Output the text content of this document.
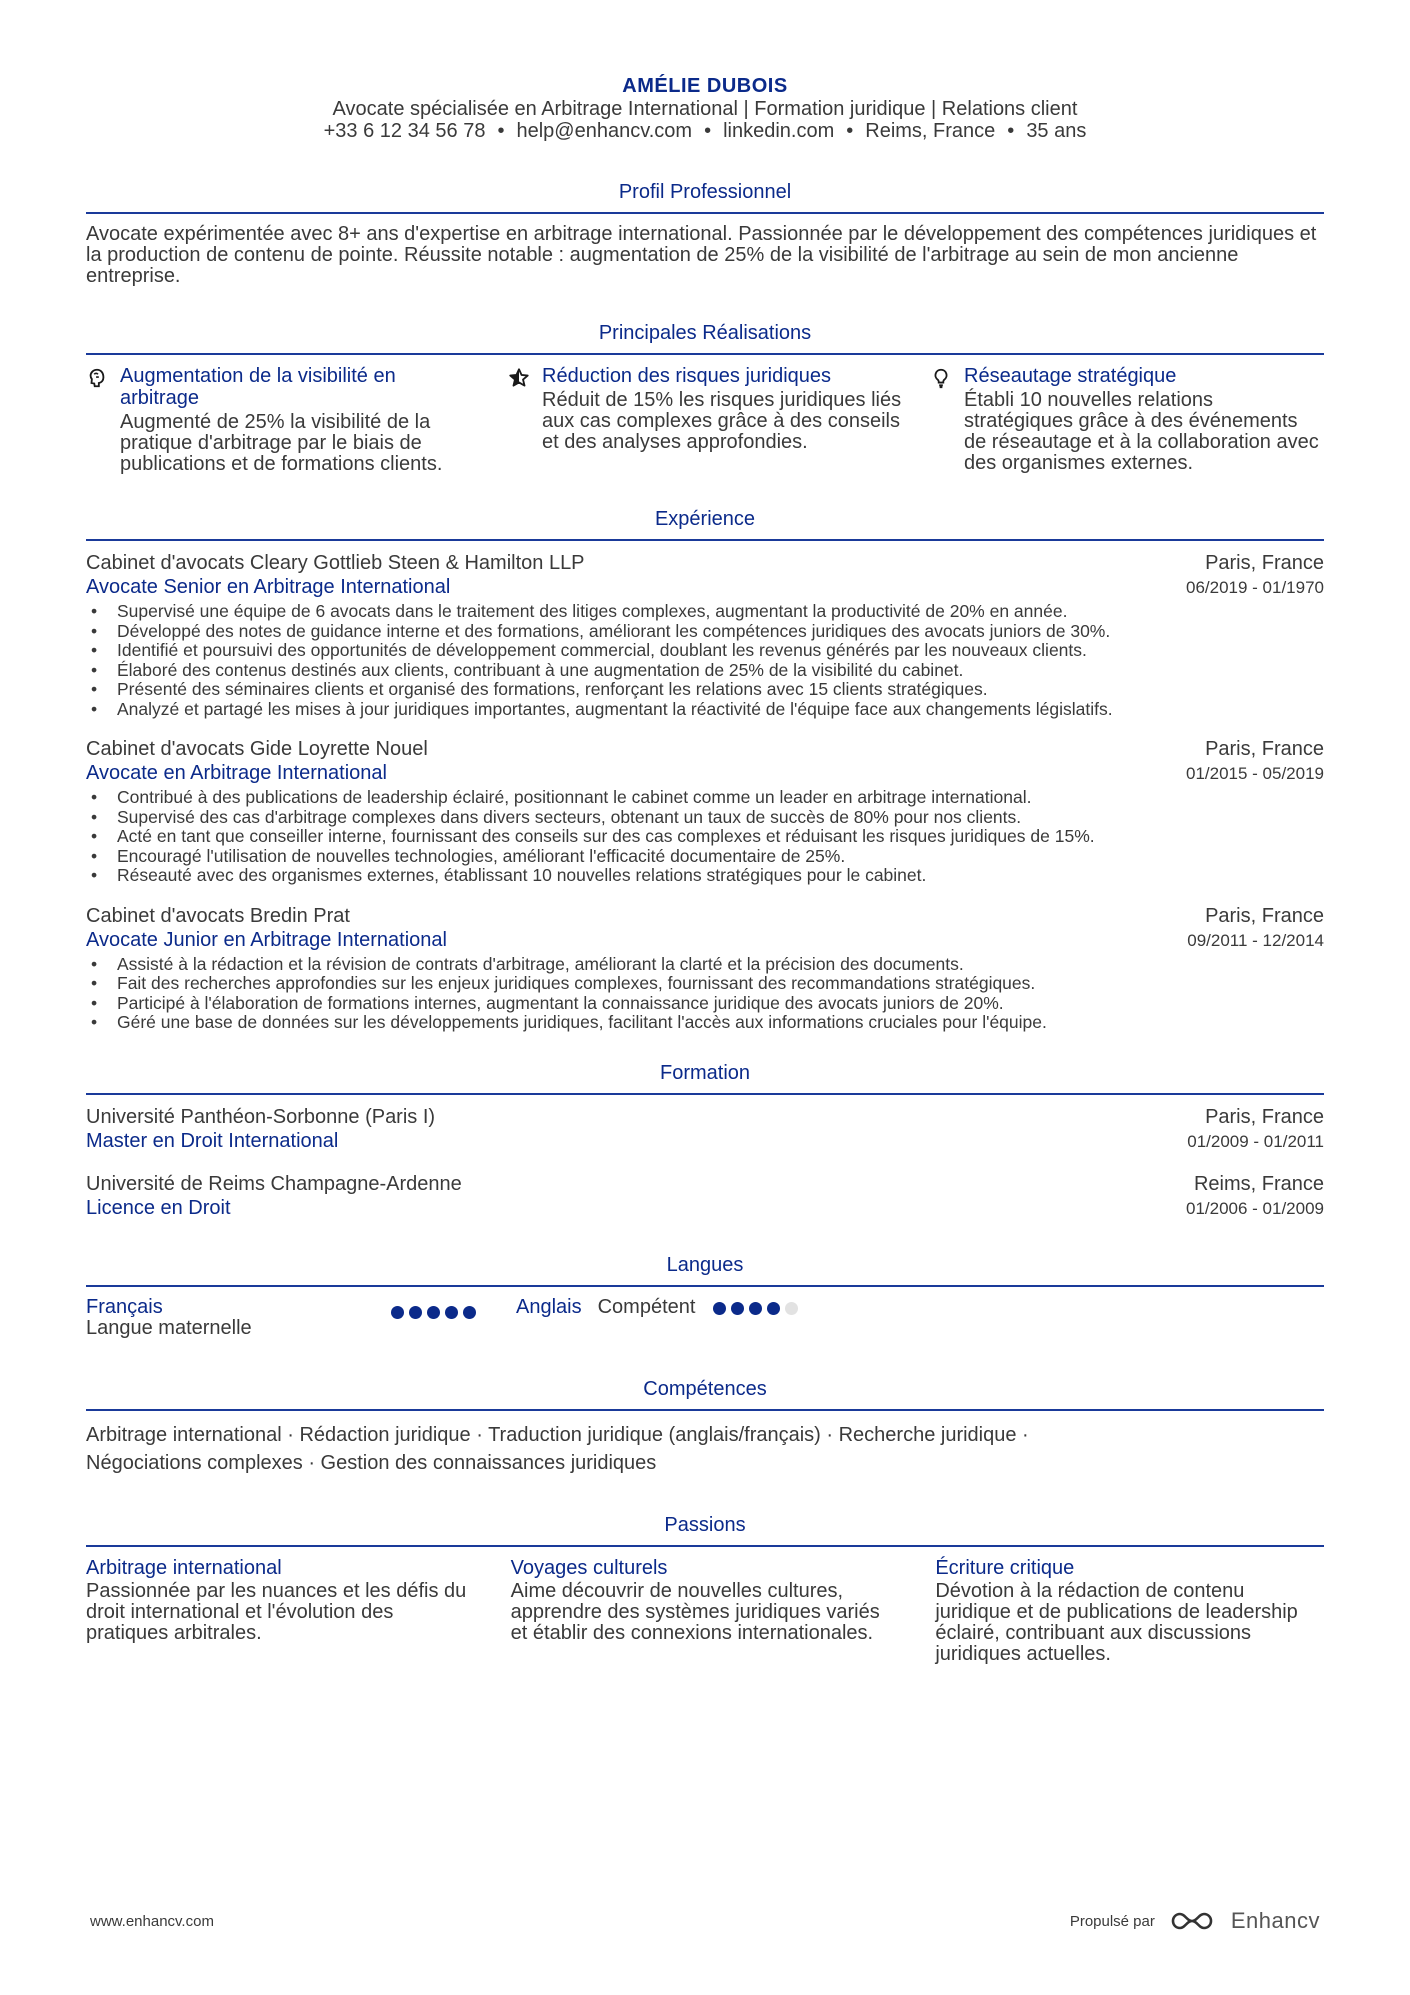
AMÉLIE DUBOIS
Avocate spécialisée en Arbitrage International | Formation juridique | Relations client
+33 6 12 34 56 78 • help@enhancv.com • linkedin.com • Reims, France • 35 ans
Profil Professionnel
Avocate expérimentée avec 8+ ans d'expertise en arbitrage international. Passionnée par le développement des compétences juridiques et la production de contenu de pointe. Réussite notable : augmentation de 25% de la visibilité de l'arbitrage au sein de mon ancienne entreprise.
Principales Réalisations
Augmentation de la visibilité en arbitrage
Augmenté de 25% la visibilité de la pratique d'arbitrage par le biais de publications et de formations clients.
Réduction des risques juridiques
Réduit de 15% les risques juridiques liés aux cas complexes grâce à des conseils et des analyses approfondies.
Réseautage stratégique
Établi 10 nouvelles relations stratégiques grâce à des événements de réseautage et à la collaboration avec des organismes externes.
Expérience
Cabinet d'avocats Cleary Gottlieb Steen & Hamilton LLP	Paris, France
Avocate Senior en Arbitrage International	06/2019 - 01/1970
• Supervisé une équipe de 6 avocats dans le traitement des litiges complexes, augmentant la productivité de 20% en année.
• Développé des notes de guidance interne et des formations, améliorant les compétences juridiques des avocats juniors de 30%.
• Identifié et poursuivi des opportunités de développement commercial, doublant les revenus générés par les nouveaux clients.
• Élaboré des contenus destinés aux clients, contribuant à une augmentation de 25% de la visibilité du cabinet.
• Présenté des séminaires clients et organisé des formations, renforçant les relations avec 15 clients stratégiques.
• Analyzé et partagé les mises à jour juridiques importantes, augmentant la réactivité de l'équipe face aux changements législatifs.
Cabinet d'avocats Gide Loyrette Nouel	Paris, France
Avocate en Arbitrage International	01/2015 - 05/2019
• Contribué à des publications de leadership éclairé, positionnant le cabinet comme un leader en arbitrage international.
• Supervisé des cas d'arbitrage complexes dans divers secteurs, obtenant un taux de succès de 80% pour nos clients.
• Acté en tant que conseiller interne, fournissant des conseils sur des cas complexes et réduisant les risques juridiques de 15%.
• Encouragé l'utilisation de nouvelles technologies, améliorant l'efficacité documentaire de 25%.
• Réseauté avec des organismes externes, établissant 10 nouvelles relations stratégiques pour le cabinet.
Cabinet d'avocats Bredin Prat	Paris, France
Avocate Junior en Arbitrage International	09/2011 - 12/2014
• Assisté à la rédaction et la révision de contrats d'arbitrage, améliorant la clarté et la précision des documents.
• Fait des recherches approfondies sur les enjeux juridiques complexes, fournissant des recommandations stratégiques.
• Participé à l'élaboration de formations internes, augmentant la connaissance juridique des avocats juniors de 20%.
• Géré une base de données sur les développements juridiques, facilitant l'accès aux informations cruciales pour l'équipe.
Formation
Université Panthéon-Sorbonne (Paris I)	Paris, France
Master en Droit International	01/2009 - 01/2011
Université de Reims Champagne-Ardenne	Reims, France
Licence en Droit	01/2006 - 01/2009
Langues
Français
Langue maternelle
Anglais Compétent
Compétences
Arbitrage international · Rédaction juridique · Traduction juridique (anglais/français) · Recherche juridique ·
Négociations complexes · Gestion des connaissances juridiques
Passions
Arbitrage international
Passionnée par les nuances et les défis du droit international et l'évolution des pratiques arbitrales.
Voyages culturels
Aime découvrir de nouvelles cultures, apprendre des systèmes juridiques variés et établir des connexions internationales.
Écriture critique
Dévotion à la rédaction de contenu juridique et de publications de leadership éclairé, contribuant aux discussions juridiques actuelles.
www.enhancv.com	Propulsé par	Enhancv
